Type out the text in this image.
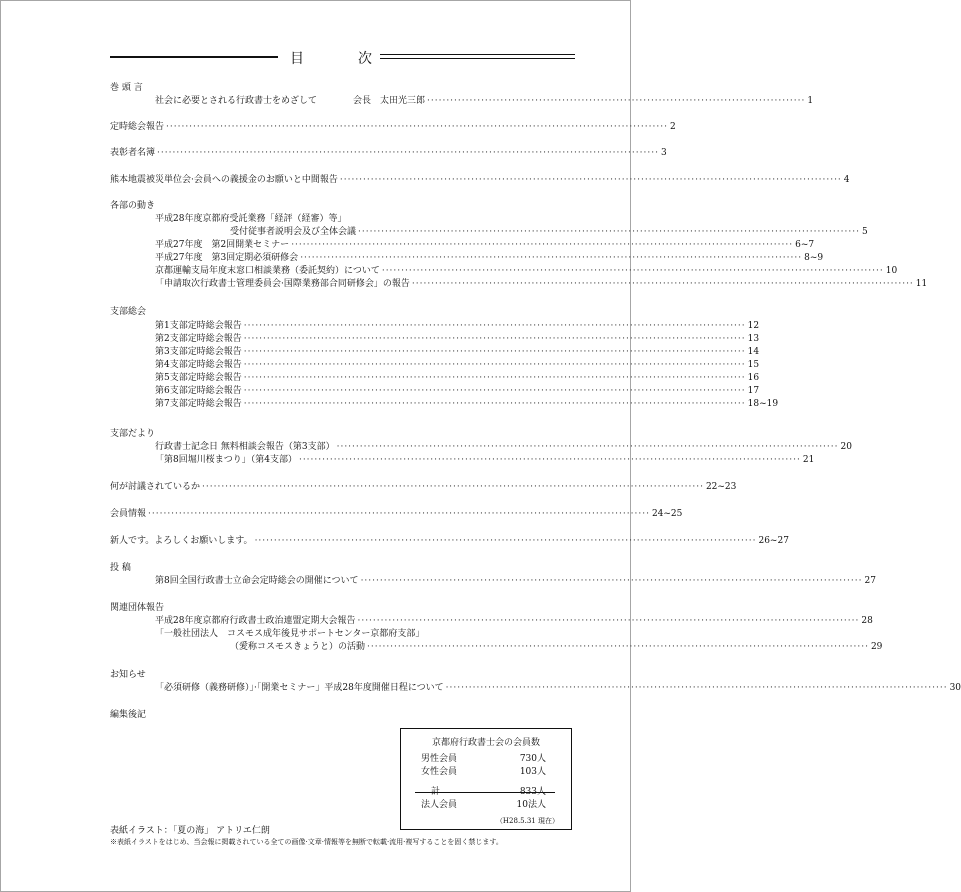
目	次
巻 頭 言
社会に必要とされる行政書士をめざして　　　　会長　太田光三郎 ·································································································· 1
定時総会報告 ·································································································································· 2
表彰者名簿 ·································································································································· 3
熊本地震被災単位会·会員への義援金のお願いと中間報告 ·································································································································· 4
各部の動き
平成28年度京都府受託業務「経評（経審）等」
受付従事者説明会及び全体会議 ·································································································································· 5
平成27年度　第2回開業セミナー ·································································································································· 6~7
平成27年度　第3回定期必須研修会 ·································································································································· 8~9
京都運輸支局年度末窓口相談業務（委託契約）について ·································································································································· 10
「申請取次行政書士管理委員会·国際業務部合同研修会」の報告 ·································································································································· 11
支部総会
第1支部定時総会報告 ·································································································································· 12
第2支部定時総会報告 ·································································································································· 13
第3支部定時総会報告 ·································································································································· 14
第4支部定時総会報告 ·································································································································· 15
第5支部定時総会報告 ·································································································································· 16
第6支部定時総会報告 ·································································································································· 17
第7支部定時総会報告 ·································································································································· 18~19
支部だより
行政書士記念日 無料相談会報告（第3支部） ·································································································································· 20
「第8回堀川桜まつり」（第4支部） ·································································································································· 21
何が討議されているか ·································································································································· 22~23
会員情報 ·································································································································· 24~25
新人です。よろしくお願いします。 ·································································································································· 26~27
投 稿
第8回全国行政書士立命会定時総会の開催について ·································································································································· 27
関連団体報告
平成28年度京都府行政書士政治連盟定期大会報告 ·································································································································· 28
「一般社団法人　コスモス成年後見サポートセンター京都府支部」
（愛称コスモスきょうと）の活動 ·································································································································· 29
お知らせ
「必須研修（義務研修）」·「開業セミナー」平成28年度開催日程について ·································································································································· 30
編集後記
京都府行政書士会の会員数
男性会員	730人
女性会員	103人
計	833人
法人会員	10法人
（H28.5.31 現在）
表紙イラスト：「夏の海」 アトリエ仁朗
※表紙イラストをはじめ、当会報に掲載されている全ての画像·文章·情報等を無断で転載·流用·複写することを固く禁じます。
